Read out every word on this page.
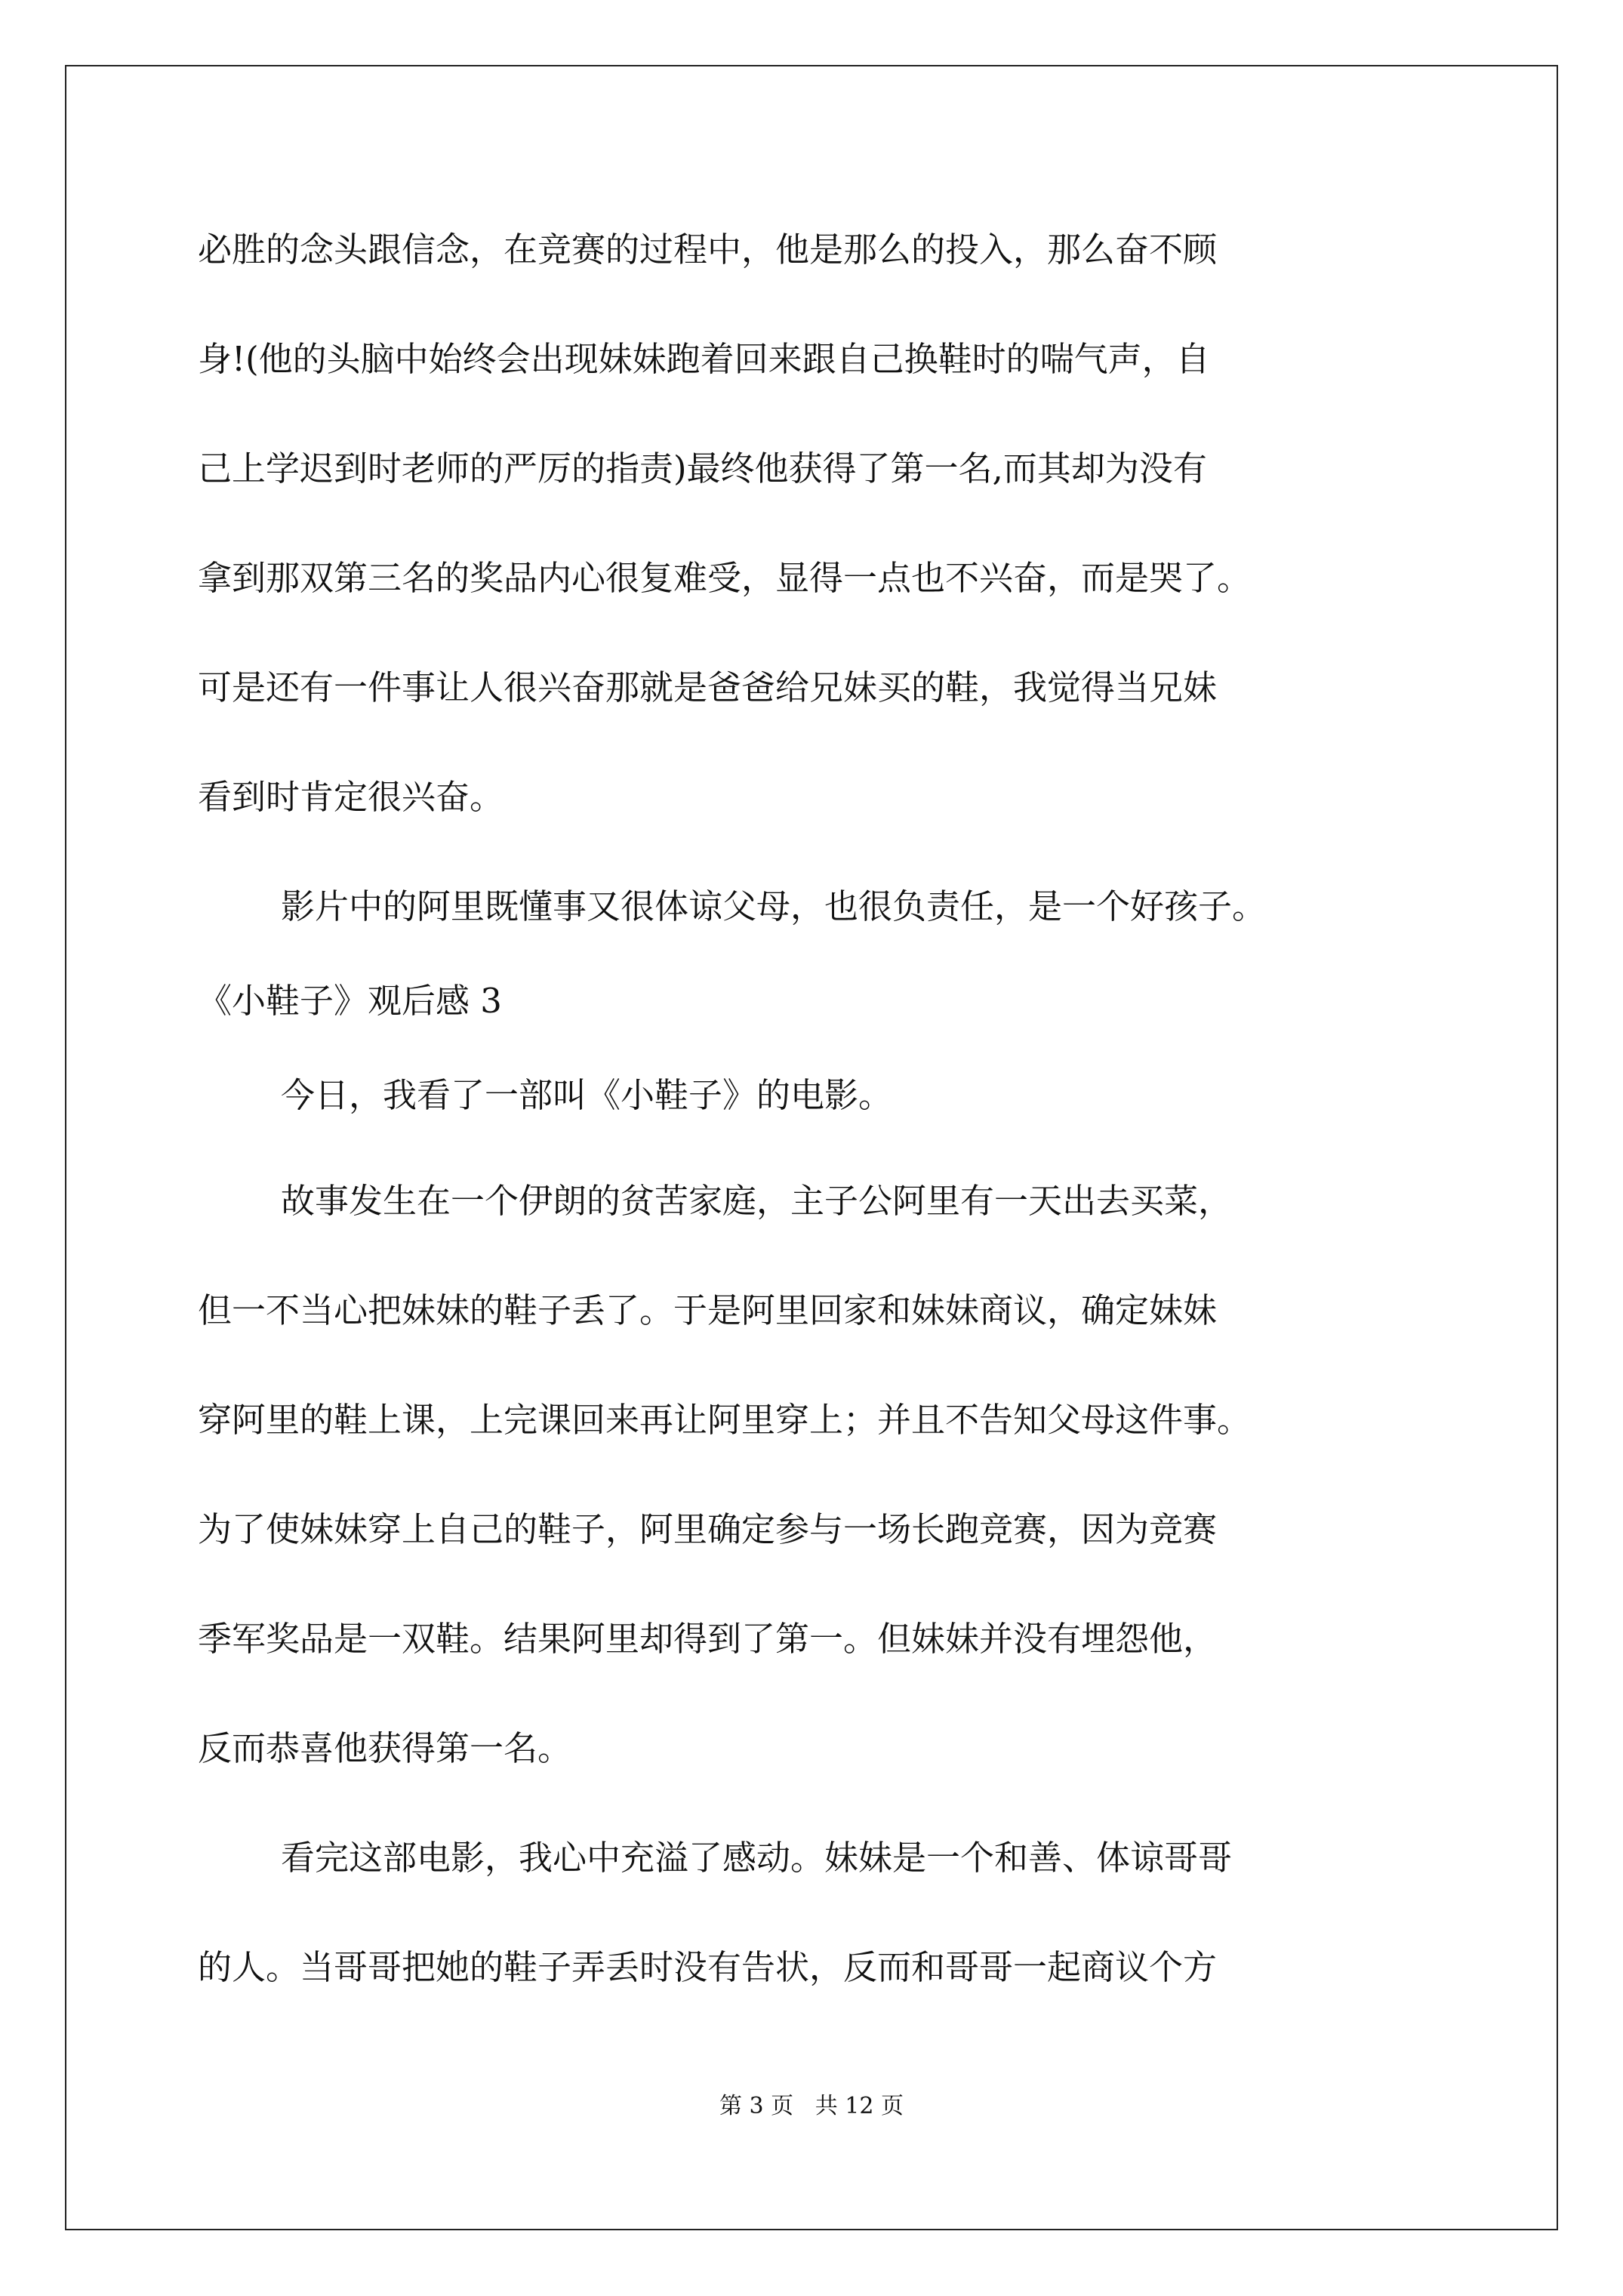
必胜的念头跟信念，在竞赛的过程中，他是那么的投入，那么奋不顾
身!(他的头脑中始终会出现妹妹跑着回来跟自己换鞋时的喘气声，自
己上学迟到时老师的严厉的指责)最终他获得了第一名,而其却为没有
拿到那双第三名的奖品内心很复难受，显得一点也不兴奋，而是哭了。
可是还有一件事让人很兴奋那就是爸爸给兄妹买的鞋，我觉得当兄妹
看到时肯定很兴奋。
影片中的阿里既懂事又很体谅父母，也很负责任，是一个好孩子。
《小鞋子》观后感 3
今日，我看了一部叫《小鞋子》的电影。
故事发生在一个伊朗的贫苦家庭，主子公阿里有一天出去买菜，
但一不当心把妹妹的鞋子丢了。于是阿里回家和妹妹商议，确定妹妹
穿阿里的鞋上课，上完课回来再让阿里穿上；并且不告知父母这件事。
为了使妹妹穿上自己的鞋子，阿里确定参与一场长跑竞赛，因为竞赛
季军奖品是一双鞋。结果阿里却得到了第一。但妹妹并没有埋怨他，
反而恭喜他获得第一名。
看完这部电影，我心中充溢了感动。妹妹是一个和善、体谅哥哥
的人。当哥哥把她的鞋子弄丢时没有告状，反而和哥哥一起商议个方
第 3 页   共 12 页
